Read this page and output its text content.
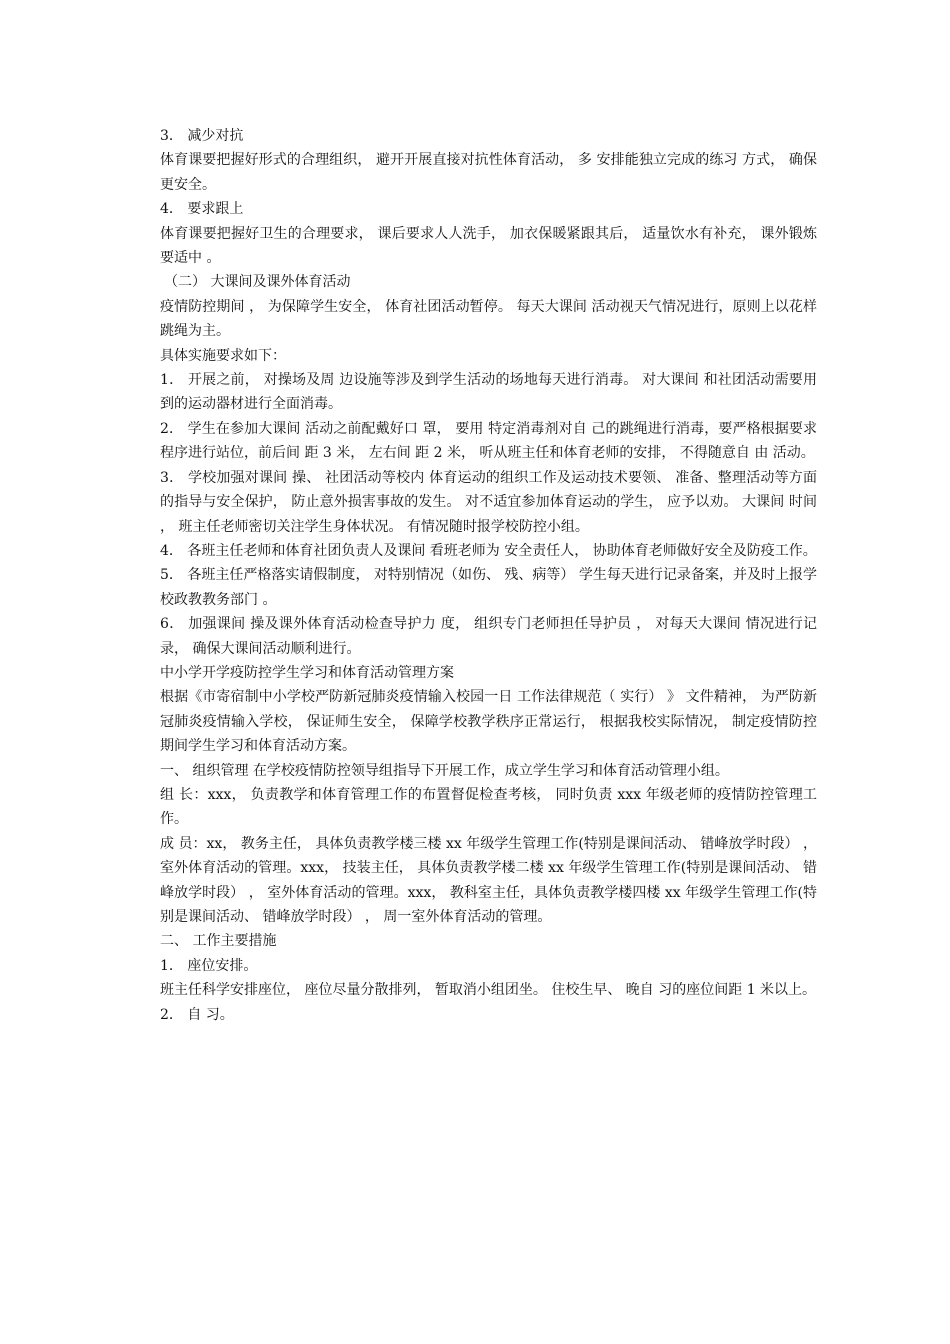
3． 减少对抗

体育课要把握好形式的合理组织， 避开开展直接对抗性体育活动， 多 安排能独立完成的练习 方式， 确保更安全。

4． 要求跟上

体育课要把握好卫生的合理要求， 课后要求人人洗手， 加衣保暖紧跟其后， 适量饮水有补充， 课外锻炼要适中 。

（二） 大课间及课外体育活动

疫情防控期间 ， 为保障学生安全， 体育社团活动暂停。 每天大课间 活动视天气情况进行，原则上以花样跳绳为主。

具体实施要求如下：

1． 开展之前， 对操场及周 边设施等涉及到学生活动的场地每天进行消毒。 对大课间 和社团活动需要用 到的运动器材进行全面消毒。

2． 学生在参加大课间 活动之前配戴好口 罩， 要用 特定消毒剂对自 己的跳绳进行消毒，要严格根据要求程序进行站位，前后间 距 3 米， 左右间 距 2 米， 听从班主任和体育老师的安排， 不得随意自 由 活动。

3． 学校加强对课间 操、 社团活动等校内 体育运动的组织工作及运动技术要领、 准备、整理活动等方面的指导与安全保护， 防止意外损害事故的发生。 对不适宜参加体育运动的学生， 应予以劝。 大课间 时间 ， 班主任老师密切关注学生身体状况。 有情况随时报学校防控小组。

4． 各班主任老师和体育社团负责人及课间 看班老师为 安全责任人， 协助体育老师做好安全及防疫工作。

5． 各班主任严格落实请假制度， 对特别情况（如伤、 残、病等） 学生每天进行记录备案，并及时上报学校政教教务部门 。

6． 加强课间 操及课外体育活动检查导护力 度， 组织专门老师担任导护员 ， 对每天大课间 情况进行记录， 确保大课间活动顺利进行。

中小学开学疫防控学生学习和体育活动管理方案

根据《市寄宿制中小学校严防新冠肺炎疫情输入校园一日 工作法律规范（ 实行） 》 文件精神， 为严防新冠肺炎疫情输入学校， 保证师生安全， 保障学校教学秩序正常运行， 根据我校实际情况， 制定疫情防控期间学生学习和体育活动方案。

一、 组织管理 在学校疫情防控领导组指导下开展工作，成立学生学习和体育活动管理小组。

组 长：xxx， 负责教学和体育管理工作的布置督促检查考核， 同时负责 xxx 年级老师的疫情防控管理工作。

成 员：xx， 教务主任， 具体负责教学楼三楼 xx 年级学生管理工作(特别是课间活动、 错峰放学时段） ， 室外体育活动的管理。xxx， 技装主任， 具体负责教学楼二楼 xx 年级学生管理工作(特别是课间活动、 错峰放学时段） ， 室外体育活动的管理。xxx， 教科室主任，具体负责教学楼四楼 xx 年级学生管理工作(特别是课间活动、 错峰放学时段） ， 周一室外体育活动的管理。

二、 工作主要措施

1． 座位安排。

班主任科学安排座位， 座位尽量分散排列， 暂取消小组团坐。 住校生早、 晚自 习的座位间距 1 米以上。

2． 自 习。
